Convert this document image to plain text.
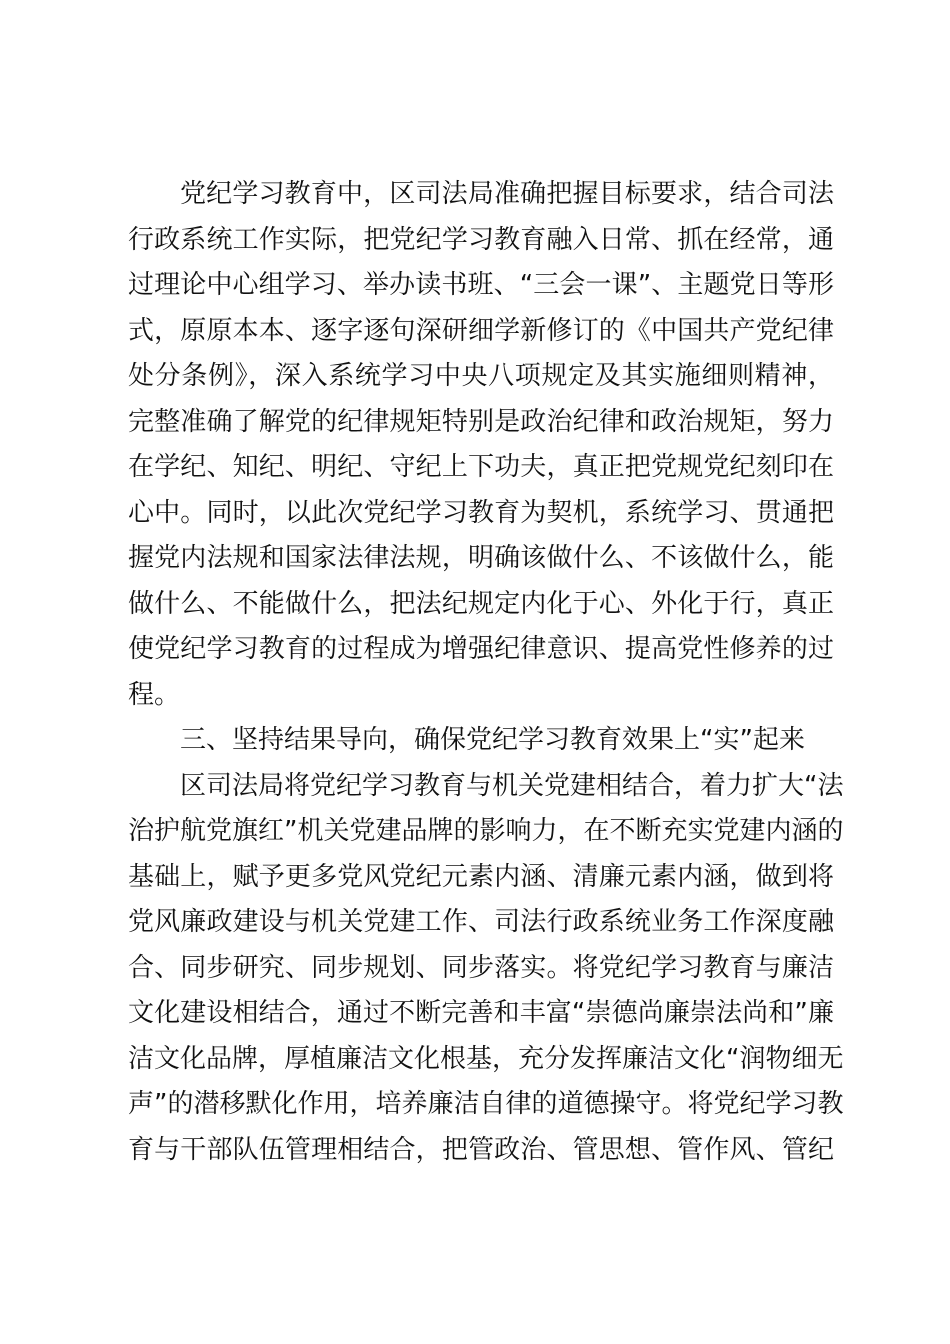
党纪学习教育中，区司法局准确把握目标要求，结合司法
行政系统工作实际，把党纪学习教育融入日常、抓在经常，通
过理论中心组学习、举办读书班、“三会一课”、主题党日等形
式，原原本本、逐字逐句深研细学新修订的《中国共产党纪律
处分条例》，深入系统学习中央八项规定及其实施细则精神，
完整准确了解党的纪律规矩特别是政治纪律和政治规矩，努力
在学纪、知纪、明纪、守纪上下功夫，真正把党规党纪刻印在
心中。同时，以此次党纪学习教育为契机，系统学习、贯通把
握党内法规和国家法律法规，明确该做什么、不该做什么，能
做什么、不能做什么，把法纪规定内化于心、外化于行，真正
使党纪学习教育的过程成为增强纪律意识、提高党性修养的过
程。
三、坚持结果导向，确保党纪学习教育效果上“实”起来
区司法局将党纪学习教育与机关党建相结合，着力扩大“法
治护航党旗红”机关党建品牌的影响力，在不断充实党建内涵的
基础上，赋予更多党风党纪元素内涵、清廉元素内涵，做到将
党风廉政建设与机关党建工作、司法行政系统业务工作深度融
合、同步研究、同步规划、同步落实。将党纪学习教育与廉洁
文化建设相结合，通过不断完善和丰富“崇德尚廉崇法尚和”廉
洁文化品牌，厚植廉洁文化根基，充分发挥廉洁文化“润物细无
声”的潜移默化作用，培养廉洁自律的道德操守。将党纪学习教
育与干部队伍管理相结合，把管政治、管思想、管作风、管纪
